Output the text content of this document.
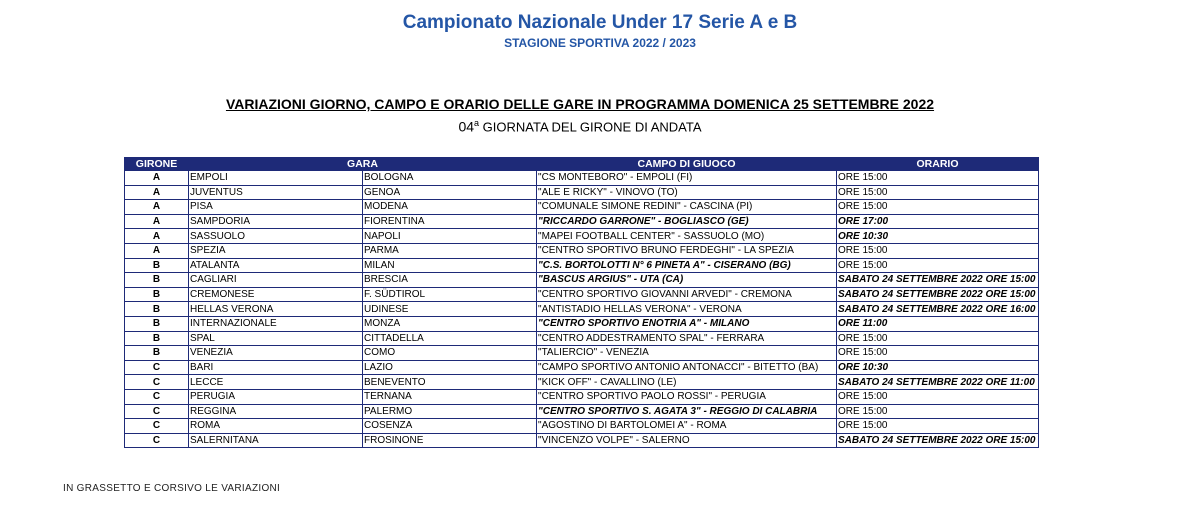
Campionato Nazionale Under 17 Serie A e B
STAGIONE SPORTIVA 2022 / 2023
VARIAZIONI GIORNO, CAMPO E ORARIO DELLE GARE IN PROGRAMMA DOMENICA 25 SETTEMBRE 2022
04$^a$ GIORNATA DEL GIRONE DI ANDATA
GIRONE	GARA		CAMPO DI GIUOCO	ORARIO
A	EMPOLI	BOLOGNA	"CS MONTEBORO" - EMPOLI (FI)	ORE 15:00
A	JUVENTUS	GENOA	"ALE E RICKY" - VINOVO (TO)	ORE 15:00
A	PISA	MODENA	"COMUNALE SIMONE REDINI" - CASCINA (PI)	ORE 15:00
A	SAMPDORIA	FIORENTINA	"RICCARDO GARRONE" - BOGLIASCO (GE)	ORE 17:00
A	SASSUOLO	NAPOLI	"MAPEI FOOTBALL CENTER" - SASSUOLO (MO)	ORE 10:30
A	SPEZIA	PARMA	"CENTRO SPORTIVO BRUNO FERDEGHI" - LA SPEZIA	ORE 15:00
B	ATALANTA	MILAN	"C.S. BORTOLOTTI N° 6 PINETA A" - CISERANO (BG)	ORE 15:00
B	CAGLIARI	BRESCIA	"BASCUS ARGIUS" - UTA (CA)	SABATO 24 SETTEMBRE 2022 ORE 15:00
B	CREMONESE	F. SÜDTIROL	"CENTRO SPORTIVO GIOVANNI ARVEDI" - CREMONA	SABATO 24 SETTEMBRE 2022 ORE 15:00
B	HELLAS VERONA	UDINESE	"ANTISTADIO HELLAS VERONA" - VERONA	SABATO 24 SETTEMBRE 2022 ORE 16:00
B	INTERNAZIONALE	MONZA	"CENTRO SPORTIVO ENOTRIA A" - MILANO	ORE 11:00
B	SPAL	CITTADELLA	"CENTRO ADDESTRAMENTO SPAL" - FERRARA	ORE 15:00
B	VENEZIA	COMO	"TALIERCIO" - VENEZIA	ORE 15:00
C	BARI	LAZIO	"CAMPO SPORTIVO ANTONIO ANTONACCI" - BITETTO (BA)	ORE 10:30
C	LECCE	BENEVENTO	"KICK OFF" - CAVALLINO (LE)	SABATO 24 SETTEMBRE 2022 ORE 11:00
C	PERUGIA	TERNANA	"CENTRO SPORTIVO PAOLO ROSSI" - PERUGIA	ORE 15:00
C	REGGINA	PALERMO	"CENTRO SPORTIVO S. AGATA 3" - REGGIO DI CALABRIA	ORE 15:00
C	ROMA	COSENZA	"AGOSTINO DI BARTOLOMEI A" - ROMA	ORE 15:00
C	SALERNITANA	FROSINONE	"VINCENZO VOLPE" - SALERNO	SABATO 24 SETTEMBRE 2022 ORE 15:00
IN GRASSETTO E CORSIVO LE VARIAZIONI
